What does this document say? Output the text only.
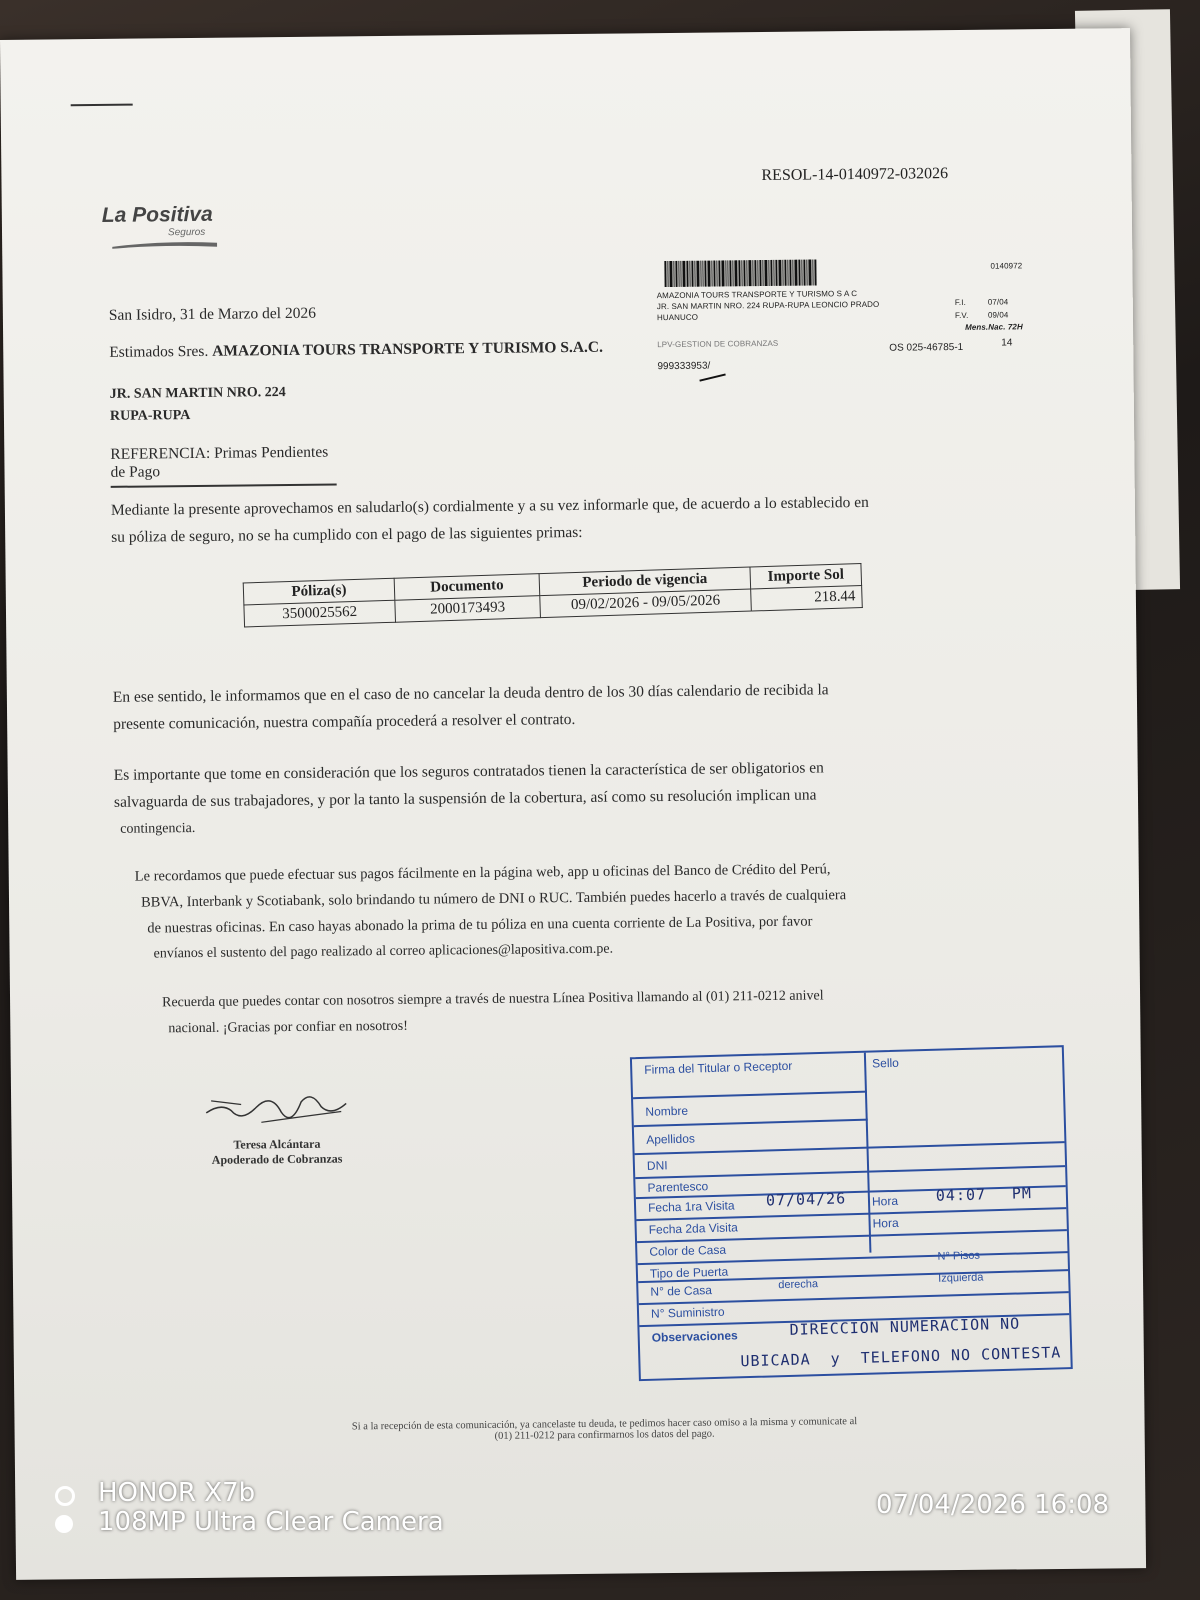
La Positiva
Seguros
RESOL-14-0140972-032026
0140972
AMAZONIA TOURS TRANSPORTE Y TURISMO S A C
JR. SAN MARTIN NRO. 224 RUPA-RUPA LEONCIO PRADO
HUANUCO
F.I.	07/04
F.V. 09/04
Mens.Nac. 72H
LPV-GESTION DE COBRANZAS
999333953/
OS 025-46785-1	14
San Isidro, 31 de Marzo del 2026
Estimados Sres. AMAZONIA TOURS TRANSPORTE Y TURISMO S.A.C.
JR. SAN MARTIN NRO. 224
RUPA-RUPA
REFERENCIA: Primas Pendientes de Pago
Mediante la presente aprovechamos en saludarlo(s) cordialmente y a su vez informarle que, de acuerdo a lo establecido en
su póliza de seguro, no se ha cumplido con el pago de las siguientes primas:
Póliza(s)	Documento	Periodo de vigencia	Importe Sol
3500025562	2000173493	09/02/2026 - 09/05/2026	218.44
En ese sentido, le informamos que en el caso de no cancelar la deuda dentro de los 30 días calendario de recibida la
presente comunicación, nuestra compañía procederá a resolver el contrato.
Es importante que tome en consideración que los seguros contratados tienen la característica de ser obligatorios en
salvaguarda de sus trabajadores, y por la tanto la suspensión de la cobertura, así como su resolución implican una
contingencia.
Le recordamos que puede efectuar sus pagos fácilmente en la página web, app u oficinas del Banco de Crédito del Perú,
BBVA, Interbank y Scotiabank, solo brindando tu número de DNI o RUC. También puedes hacerlo a través de cualquiera
de nuestras oficinas. En caso hayas abonado la prima de tu póliza en una cuenta corriente de La Positiva, por favor
envíanos el sustento del pago realizado al correo aplicaciones@lapositiva.com.pe.
Recuerda que puedes contar con nosotros siempre a través de nuestra Línea Positiva llamando al (01) 211-0212 anivel
nacional. ¡Gracias por confiar en nosotros!
Teresa Alcántara
Apoderado de Cobranzas
Firma del Titular o Receptor	Sello
Nombre
Apellidos
DNI
Parentesco
Fecha 1ra Visita 07/04/26 Hora 04:07 PM
Fecha 2da Visita	Hora
Color de Casa
Tipo de Puerta
N° Pisos
N° de Casa	derecha	Izquierda
N° Suministro
Observaciones	DIRECCION NUMERACION NO
UBICADA  y  TELEFONO NO CONTESTA
Si a la recepción de esta comunicación, ya cancelaste tu deuda, te pedimos hacer caso omiso a la misma y comunicate al
(01) 211-0212 para confirmarnos los datos del pago.
HONOR X7b
108MP Ultra Clear Camera
07/04/2026 16:08
